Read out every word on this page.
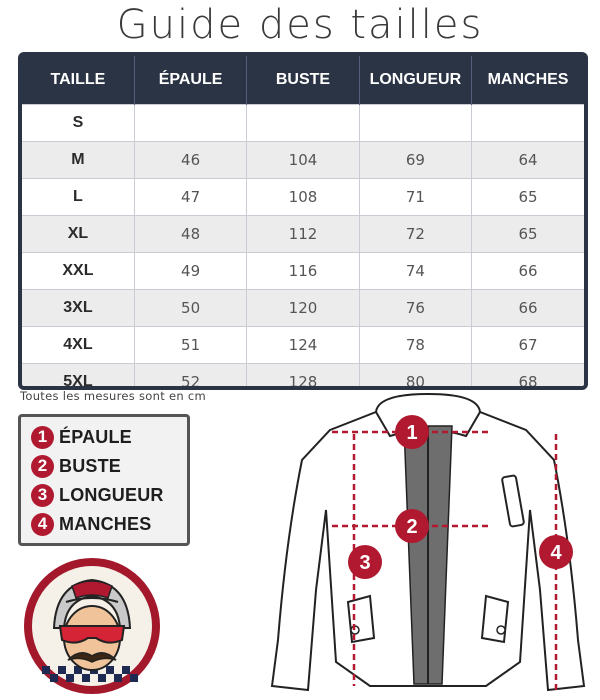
Guide des tailles
TAILLE	ÉPAULE	BUSTE	LONGUEUR	MANCHES
S				
M	46	104	69	64
L	47	108	71	65
XL	48	112	72	65
XXL	49	116	74	66
3XL	50	120	76	66
4XL	51	124	78	67
5XL	52	128	80	68
Toutes les mesures sont en cm
1 ÉPAULE
2 BUSTE
3 LONGUEUR
4 MANCHES
1
2
3	4
